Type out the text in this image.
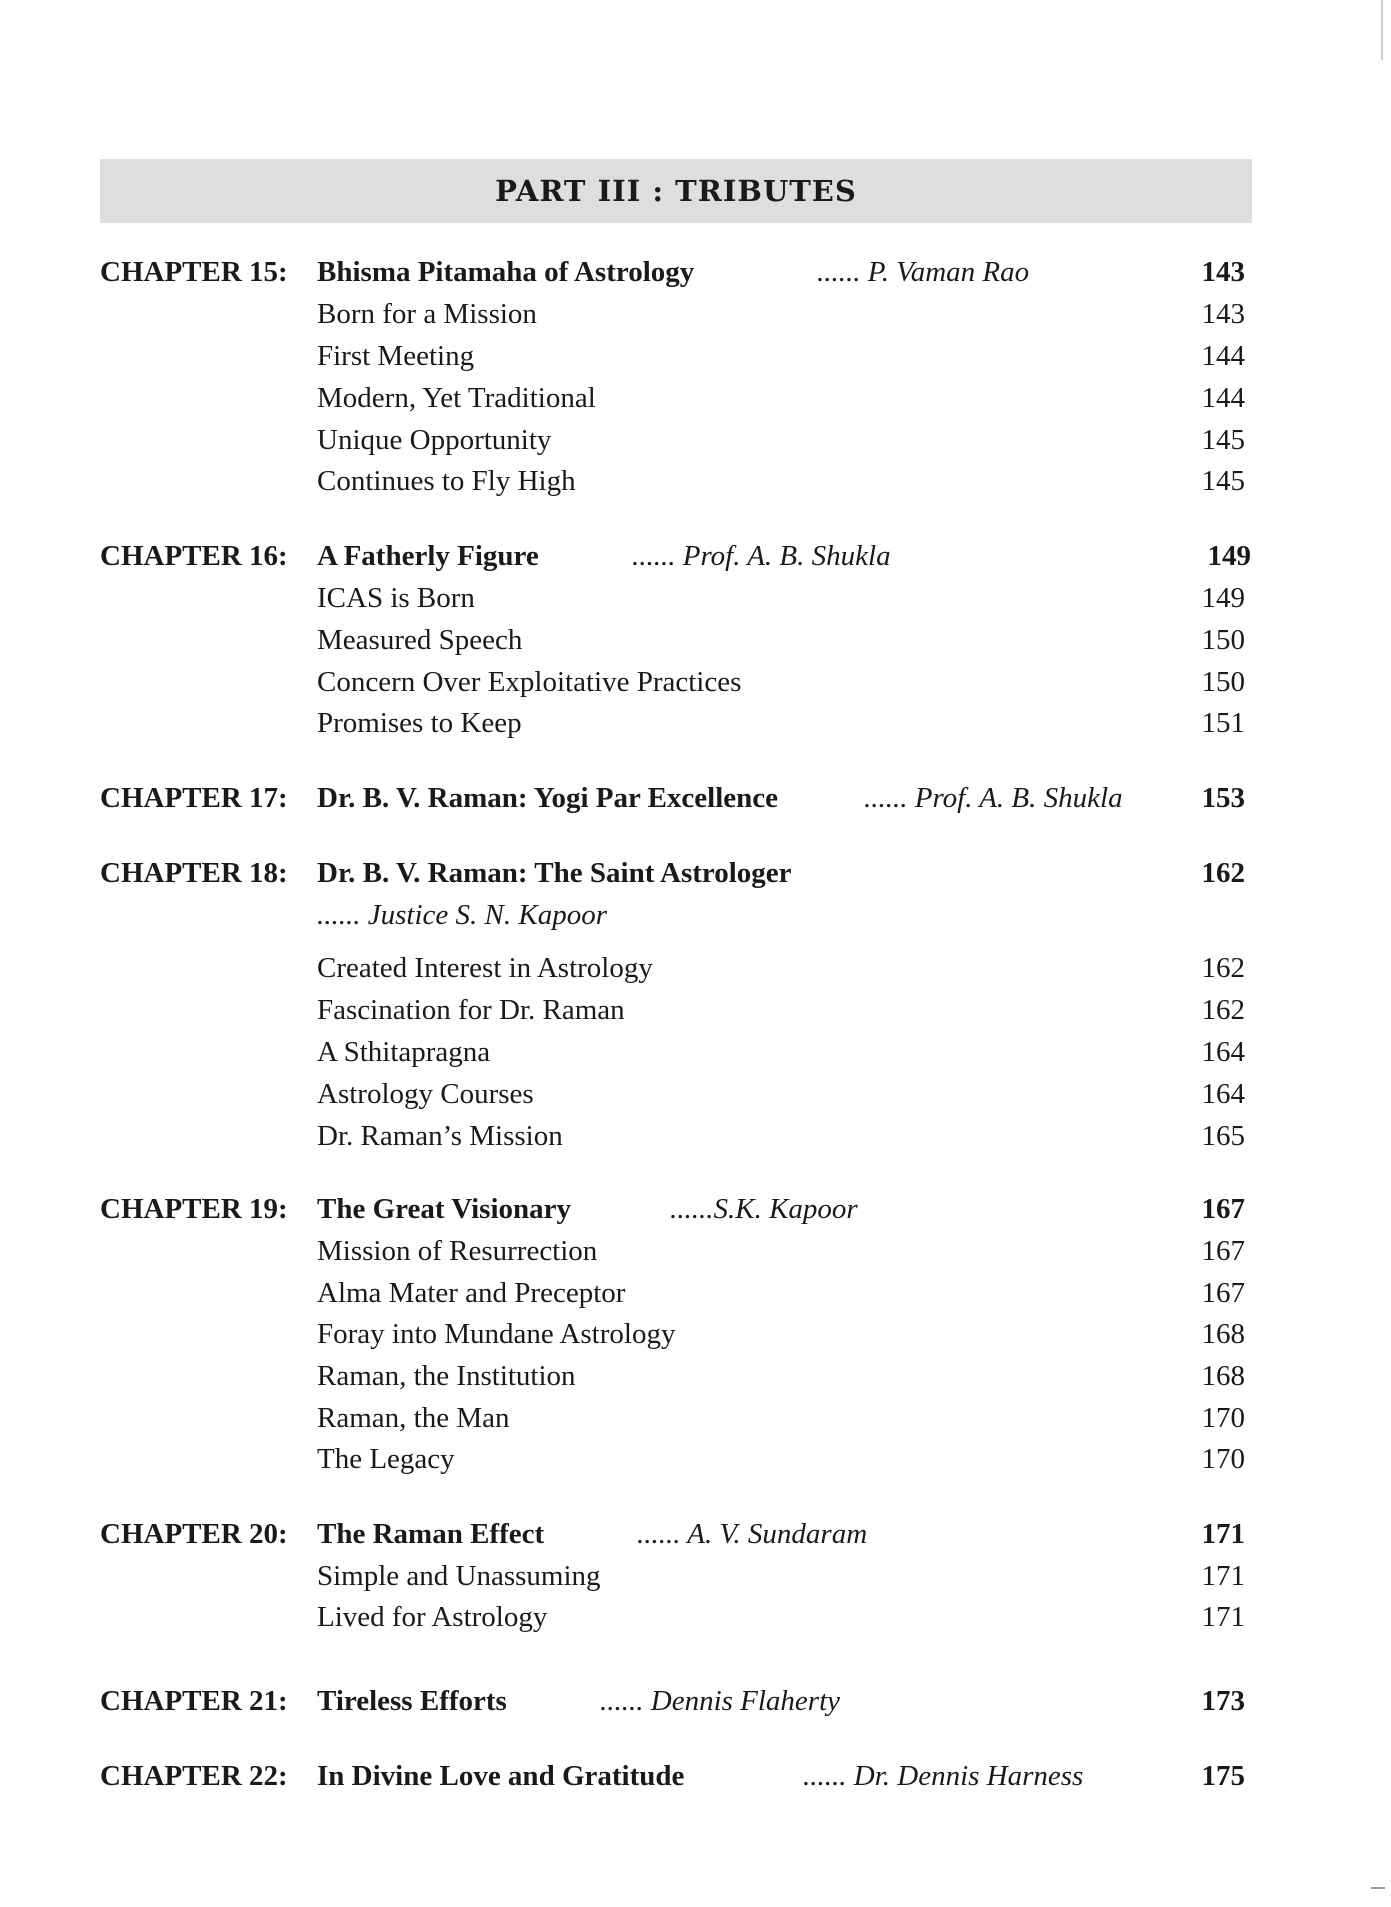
PART III : TRIBUTES
CHAPTER 15: Bhisma Pitamaha of Astrology	...... P. Vaman Rao	143
Born for a Mission	143
First Meeting	144
Modern, Yet Traditional	144
Unique Opportunity	145
Continues to Fly High	145
CHAPTER 16: A Fatherly Figure	...... Prof. A. B. Shukla	149
ICAS is Born	149
Measured Speech	150
Concern Over Exploitative Practices	150
Promises to Keep	151
CHAPTER 17: Dr. B. V. Raman: Yogi Par Excellence	...... Prof. A. B. Shukla	153
CHAPTER 18: Dr. B. V. Raman: The Saint Astrologer	162
...... Justice S. N. Kapoor
Created Interest in Astrology	162
Fascination for Dr. Raman	162
A Sthitapragna	164
Astrology Courses	164
Dr. Raman’s Mission	165
CHAPTER 19: The Great Visionary	......S.K. Kapoor	167
Mission of Resurrection	167
Alma Mater and Preceptor	167
Foray into Mundane Astrology	168
Raman, the Institution	168
Raman, the Man	170
The Legacy	170
CHAPTER 20: The Raman Effect	...... A. V. Sundaram	171
Simple and Unassuming	171
Lived for Astrology	171
CHAPTER 21: Tireless Efforts	...... Dennis Flaherty	173
CHAPTER 22: In Divine Love and Gratitude	...... Dr. Dennis Harness	175
